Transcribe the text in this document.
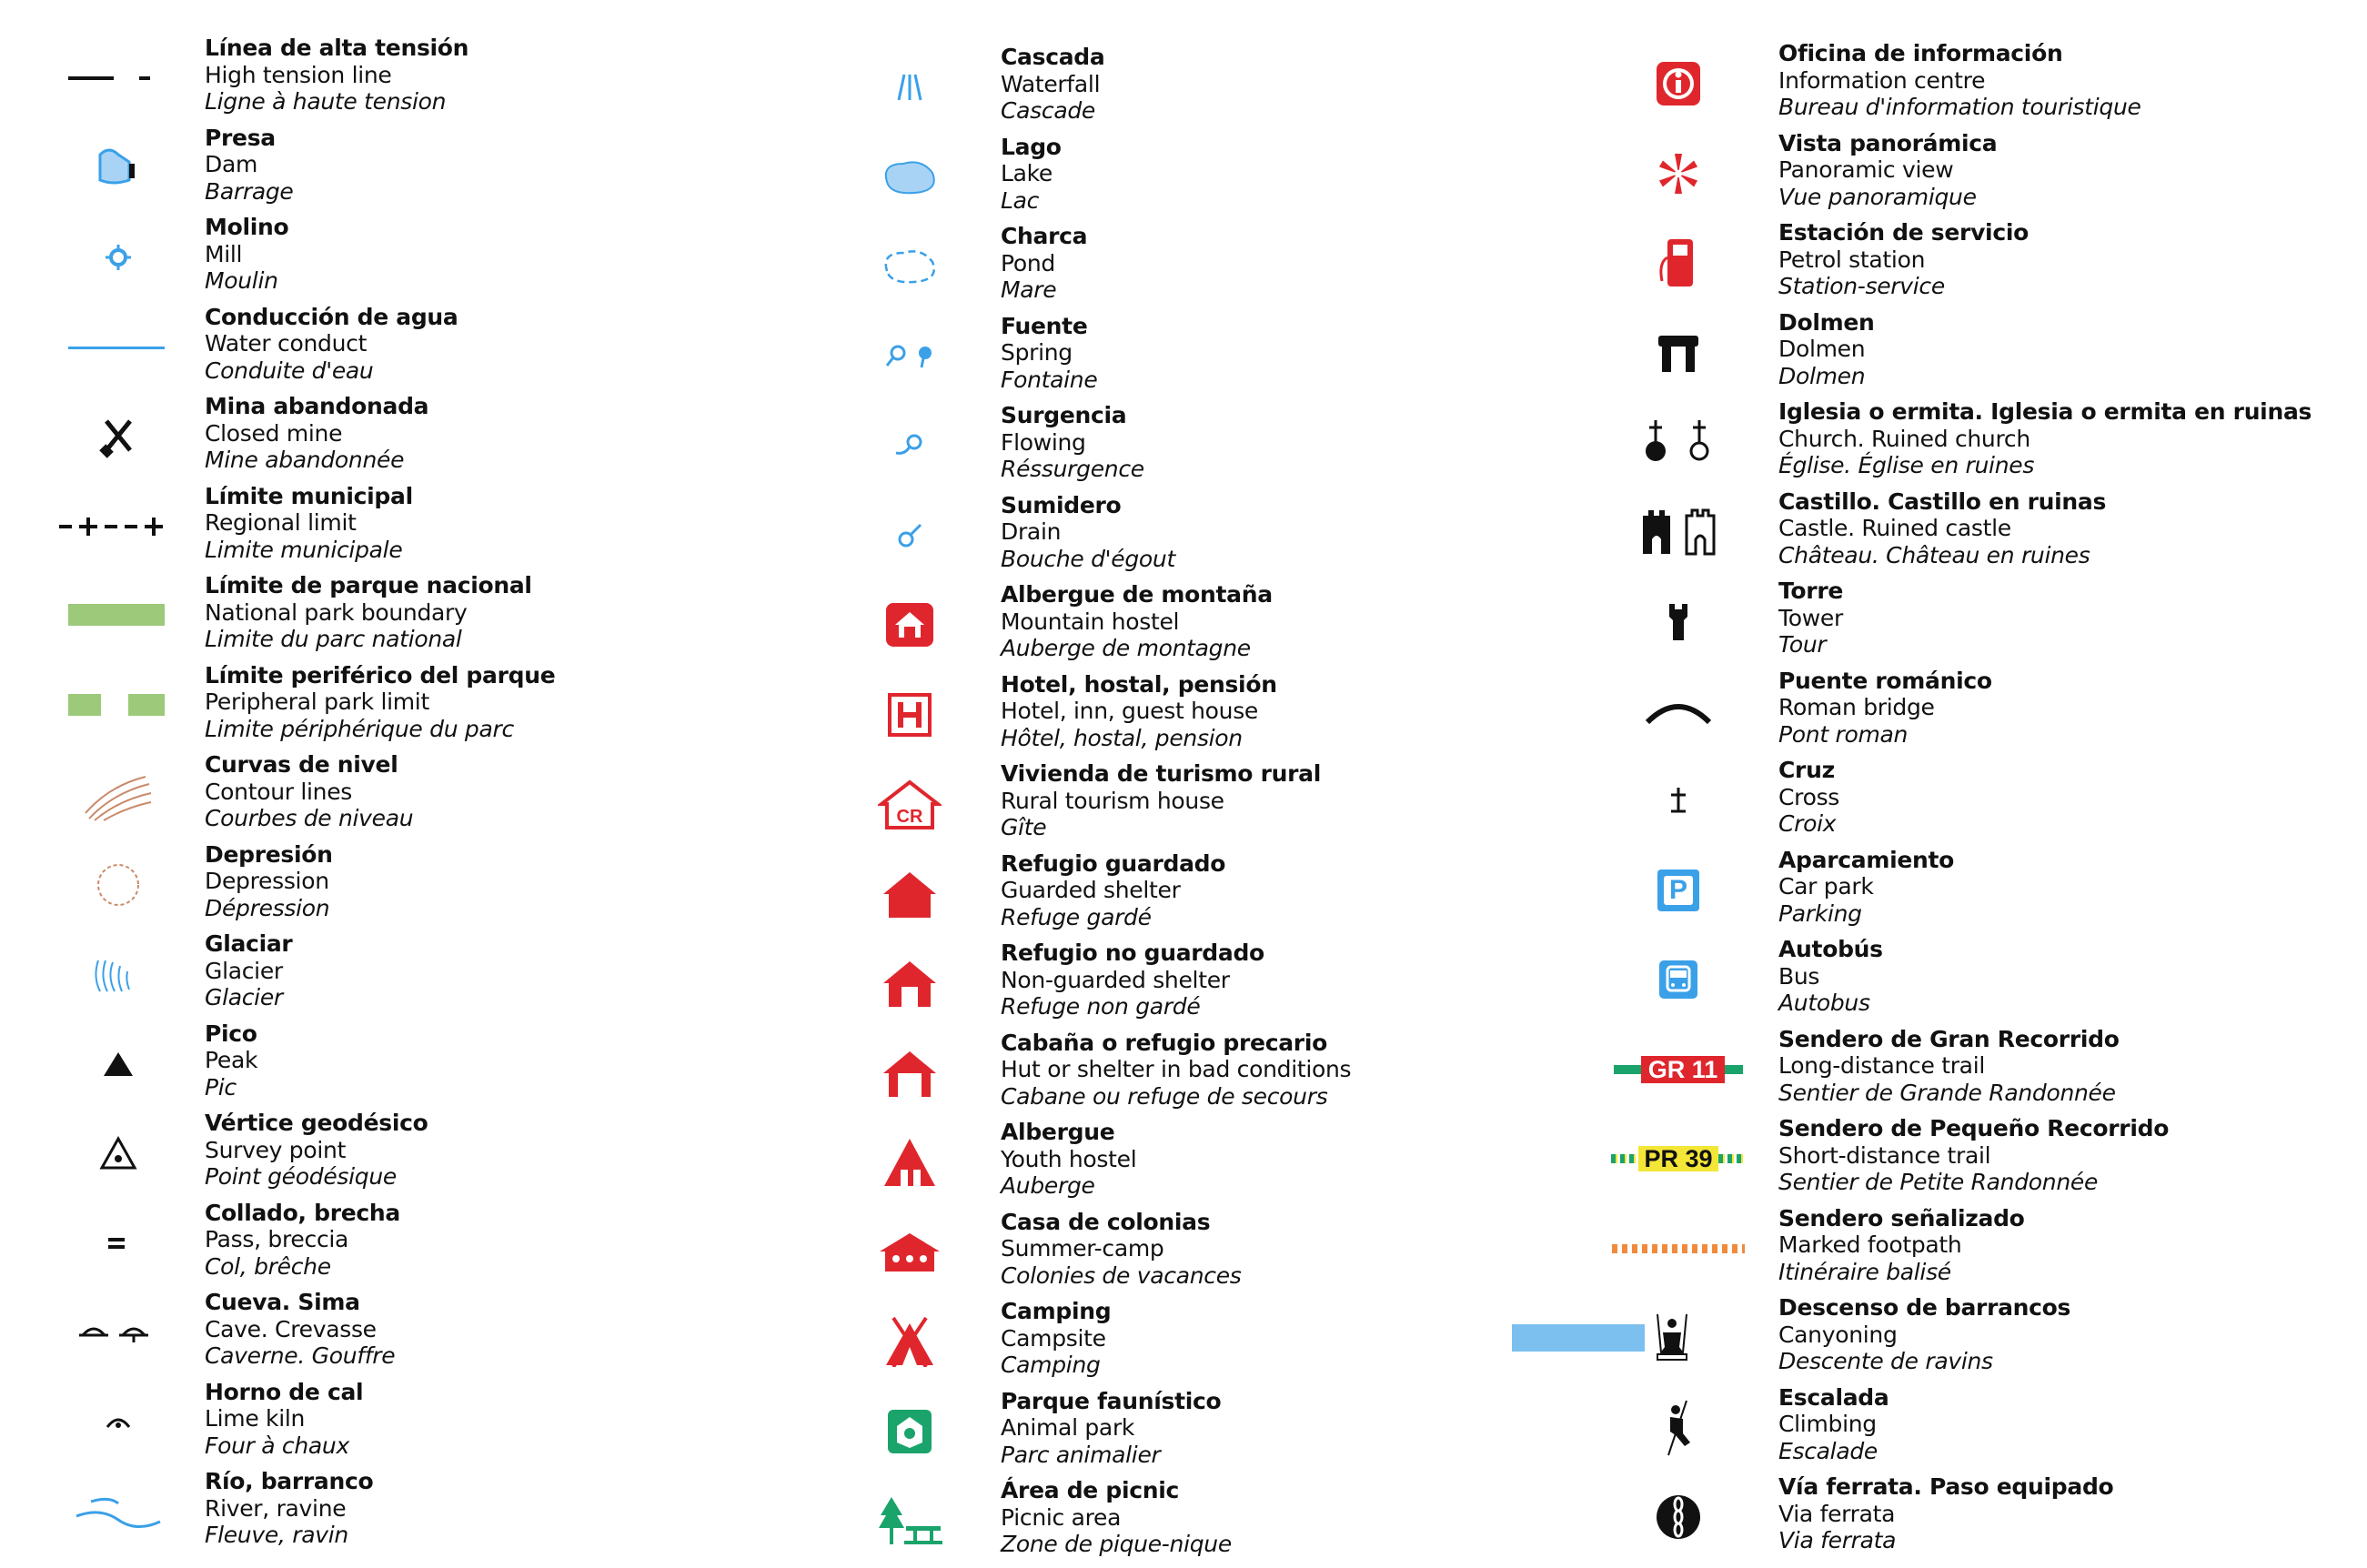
Línea de alta tensión
High tension line
Ligne à haute tension
Presa
Dam
Barrage
Molino
Mill
Moulin
Conducción de agua
Water conduct
Conduite d'eau
Mina abandonada
Closed mine
Mine abandonnée
Límite municipal
Regional limit
Limite municipale
Límite de parque nacional
National park boundary
Limite du parc national
Límite periférico del parque
Peripheral park limit
Limite périphérique du parc
Curvas de nivel
Contour lines
Courbes de niveau
Depresión
Depression
Dépression
Glaciar
Glacier
Glacier
Pico
Peak
Pic
Vértice geodésico
Survey point
Point géodésique
Collado, brecha
Pass, breccia
Col, brêche
Cueva. Sima
Cave. Crevasse
Caverne. Gouffre
Horno de cal
Lime kiln
Four à chaux
Río, barranco
River, ravine
Fleuve, ravin
Cascada
Waterfall
Cascade
Lago
Lake
Lac
Charca
Pond
Mare
Fuente
Spring
Fontaine
Surgencia
Flowing
Réssurgence
Sumidero
Drain
Bouche d'égout
Albergue de montaña
Mountain hostel
Auberge de montagne
Hotel, hostal, pensión
Hotel, inn, guest house
Hôtel, hostal, pension
CR
Vivienda de turismo rural
Rural tourism house
Gîte
Refugio guardado
Guarded shelter
Refuge gardé
Refugio no guardado
Non-guarded shelter
Refuge non gardé
Cabaña o refugio precario
Hut or shelter in bad conditions
Cabane ou refuge de secours
Albergue
Youth hostel
Auberge
Casa de colonias
Summer-camp
Colonies de vacances
Camping
Campsite
Camping
Parque faunístico
Animal park
Parc animalier
Área de picnic
Picnic area
Zone de pique-nique
Oficina de información
Information centre
Bureau d'information touristique
Vista panorámica
Panoramic view
Vue panoramique
Estación de servicio
Petrol station
Station-service
Dolmen
Dolmen
Dolmen
Iglesia o ermita. Iglesia o ermita en ruinas
Church. Ruined church
Église. Église en ruines
Castillo. Castillo en ruinas
Castle. Ruined castle
Château. Château en ruines
Torre
Tower
Tour
Puente románico
Roman bridge
Pont roman
Cruz
Cross
Croix
P
Aparcamiento
Car park
Parking
Autobús
Bus
Autobus
GR 11
Sendero de Gran Recorrido
Long-distance trail
Sentier de Grande Randonnée
PR 39
Sendero de Pequeño Recorrido
Short-distance trail
Sentier de Petite Randonnée
Sendero señalizado
Marked footpath
Itinéraire balisé
Descenso de barrancos
Canyoning
Descente de ravins
Escalada
Climbing
Escalade
Vía ferrata. Paso equipado
Via ferrata
Via ferrata
